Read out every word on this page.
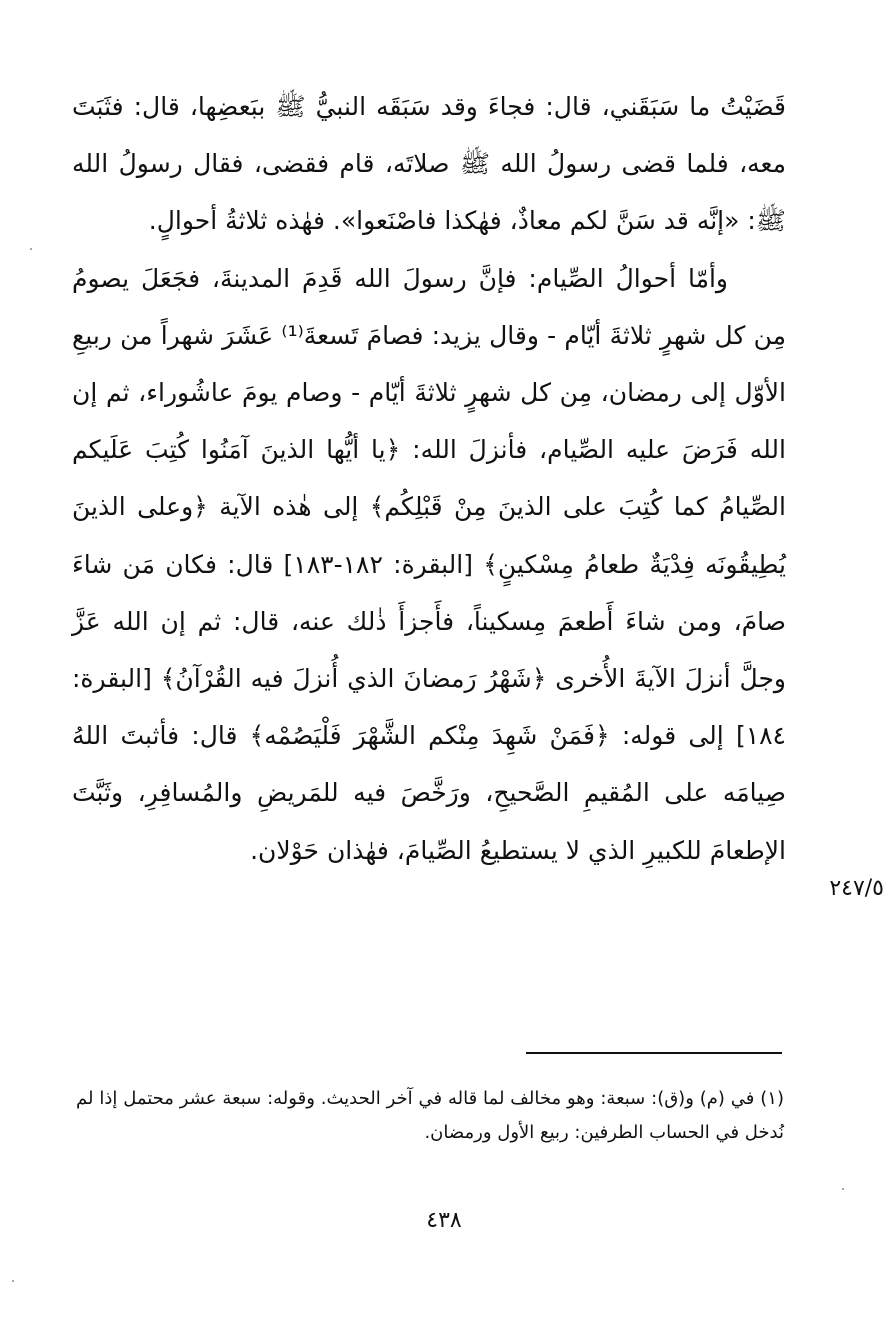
قَضَيْتُ ما سَبَقَني، قال: فجاءَ وقد سَبَقَه النبيُّ ﷺ ببَعضِها، قال: فثَبَتَ معه، فلما قضى رسولُ الله ﷺ صلاتَه، قام فقضى، فقال رسولُ الله ﷺ: «إنَّه قد سَنَّ لكم معاذٌ، فهٰكذا فاصْنَعوا». فهٰذه ثلاثةُ أحوالٍ.

وأمّا أحوالُ الصِّيام: فإنَّ رسولَ الله قَدِمَ المدينةَ، فجَعَلَ يصومُ مِن كل شهرٍ ثلاثةَ أيّام - وقال يزيد: فصامَ تَسعةَ⁽¹⁾ عَشَرَ شهراً من ربيعِ الأوّل إلى رمضان، مِن كل شهرٍ ثلاثةَ أيّام - وصام يومَ عاشُوراء، ثم إن الله فَرَضَ عليه الصِّيام، فأنزلَ الله: ﴿يا أيُّها الذينَ آمَنُوا كُتِبَ عَلَيكم الصِّيامُ كما كُتِبَ على الذينَ مِنْ قَبْلِكُم﴾ إلى هٰذه الآية ﴿وعلى الذينَ يُطِيقُونَه فِدْيَةٌ طعامُ مِسْكينٍ﴾ [البقرة: ١٨٢-١٨٣] قال: فكان مَن شاءَ صامَ، ومن شاءَ أَطعمَ مِسكيناً، فأَجزأَ ذٰلك عنه، قال: ثم إن الله عَزَّ وجلَّ أنزلَ الآيةَ الأُخرى ﴿شَهْرُ رَمضانَ الذي أُنزلَ فيه القُرْآنُ﴾ [البقرة: ١٨٤] إلى قوله: ﴿فَمَنْ شَهِدَ مِنْكم الشَّهْرَ فَلْيَصُمْه﴾ قال: فأثبتَ اللهُ صِيامَه على المُقيمِ الصَّحيحِ، ورَخَّصَ فيه للمَريضِ والمُسافِرِ، وثَبَّتَ الإطعامَ للكبيرِ الذي لا يستطيعُ الصِّيامَ، فهٰذان حَوْلان.

٢٤٧/٥

(١) في (م) و(ق): سبعة: وهو مخالف لما قاله في آخر الحديث. وقوله: سبعة عشر محتمل إذا لم نُدخل في الحساب الطرفين: ربيع الأول ورمضان.

٤٣٨
